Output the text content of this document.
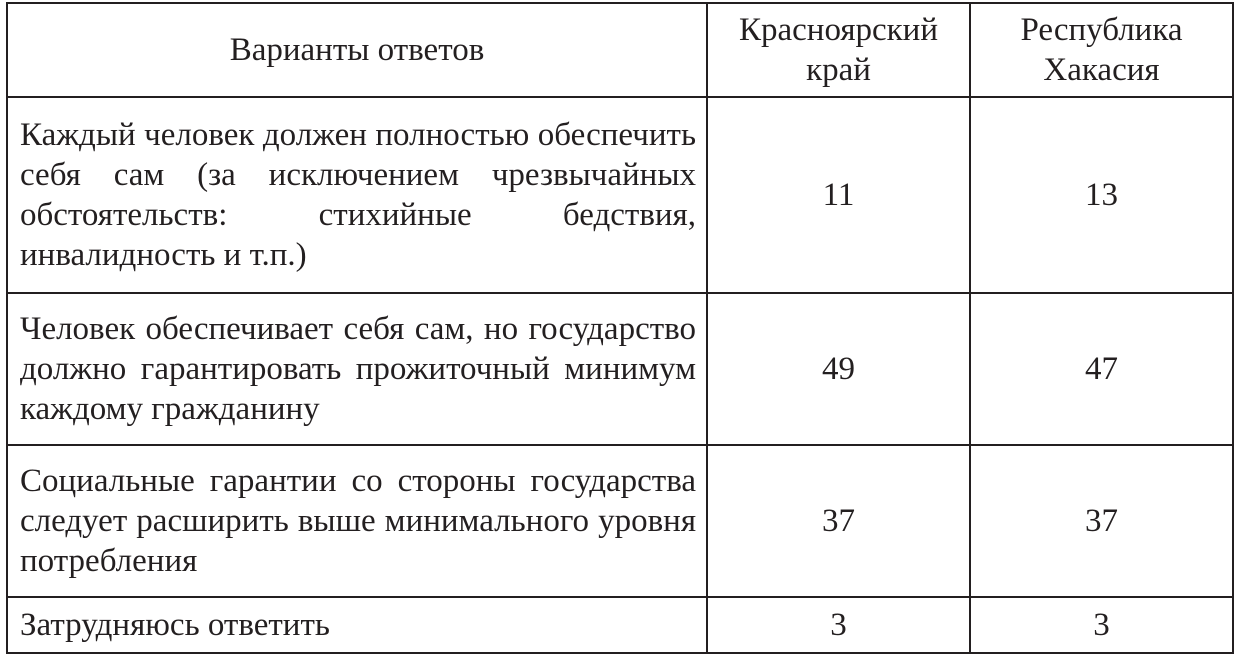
Варианты ответов	Красноярский край	Республика Хакасия

Каждый человек должен полностью обеспечить себя сам (за исключением чрезвычайных обстоятельств: стихийные бедствия, инвалидность и т.п.)	11	13
Человек обеспечивает себя сам, но государство должно гарантировать прожиточный минимум каждому гражданину	49	47
Социальные гарантии со стороны государства следует расширить выше минимального уровня потребления	37	37
Затрудняюсь ответить	3	3
